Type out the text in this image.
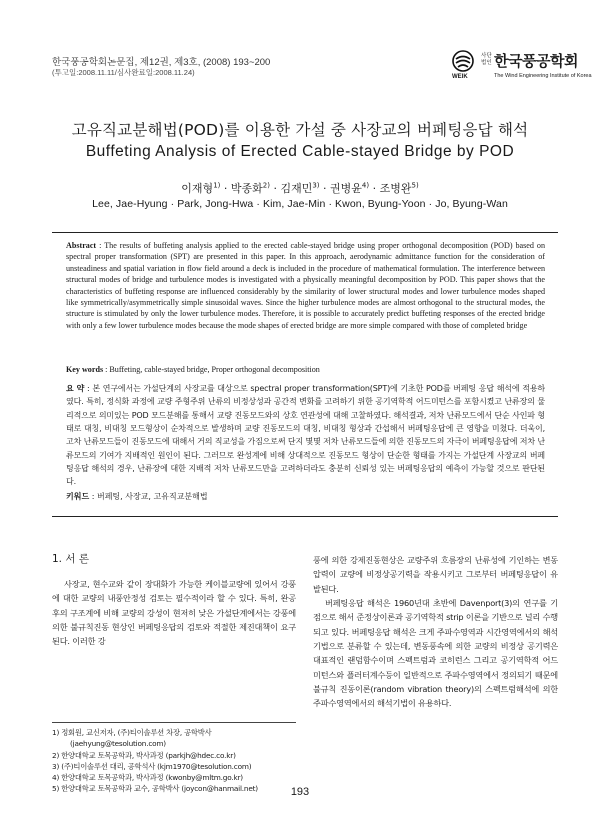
한국풍공학회논문집, 제12권, 제3호, (2008) 193~200
(투고일:2008.11.11/심사완료일:2008.11.24)	WEIK
사단 법인 한국풍공학회
The Wind Engineering Institute of Korea
고유직교분해법(POD)를 이용한 가설 중 사장교의 버페팅응답 해석
Buffeting Analysis of Erected Cable-stayed Bridge by POD
이재형$^{1)}$ · 박종화$^{2)}$ · 김재민$^{3)}$ · 권병윤$^{4)}$ · 조병완$^{5)}$
Lee, Jae-Hyung · Park, Jong-Hwa · Kim, Jae-Min · Kwon, Byung-Yoon · Jo, Byung-Wan
Abstract : The results of buffeting analysis applied to the erected cable-stayed bridge using proper orthogonal decomposition (POD) based on spectral proper transformation (SPT) are presented in this paper. In this approach, aerodynamic admittance function for the consideration of unsteadiness and spatial variation in flow field around a deck is included in the procedure of mathematical formulation. The interference between structural modes of bridge and turbulence modes is investigated with a physically meaningful decomposition by POD. This paper shows that the characteristics of buffeting response are influenced considerably by the similarity of lower structural modes and lower turbulence modes shaped like symmetrically/asymmetrically simple sinusoidal waves. Since the higher turbulence modes are almost orthogonal to the structural modes, the structure is stimulated by only the lower turbulence modes. Therefore, it is possible to accurately predict buffeting responses of the erected bridge with only a few lower turbulence modes because the mode shapes of erected bridge are more simple compared with those of completed bridge
Key words : Buffeting, cable-stayed bridge, Proper orthogonal decomposition
요 약 : 본 연구에서는 가설단계의 사장교를 대상으로 spectral proper transformation(SPT)에 기초한 POD를 버페팅 응답 해석에 적용하였다. 특히, 정식화 과정에 교량 주형주위 난류의 비정상성과 공간적 변화를 고려하기 위한 공기역학적 어드미턴스를 포함시켰고 난류장의 물리적으로 의미있는 POD 모드분해를 통해서 교량 진동모드와의 상호 연관성에 대해 고찰하였다. 해석결과, 저차 난류모드에서 단순 사인파 형태로 대칭, 비대칭 모드형상이 순차적으로 발생하며 교량 진동모드의 대칭, 비대칭 형상과 간섭해서 버페팅응답에 큰 영향을 미쳤다. 더욱이, 고차 난류모드들이 진동모드에 대해서 거의 직교성을 가짐으로써 단지 몇몇 저차 난류모드들에 의한 진동모드의 자극이 버페팅응답에 저차 난류모드의 기여가 지배적인 원인이 된다. 그러므로 완성계에 비해 상대적으로 진동모드 형상이 단순한 형태를 가지는 가설단계 사장교의 버페팅응답 해석의 경우, 난류장에 대한 지배적 저차 난류모드만을 고려하더라도 충분히 신뢰성 있는 버페팅응답의 예측이 가능할 것으로 판단된다.
키워드 : 버페팅, 사장교, 고유직교분해법
1. 서 론

사장교, 현수교와 같이 장대화가 가능한 케이블교량에 있어서 강풍에 대한 교량의 내풍안정성 검토는 필수적이라 할 수 있다. 특히, 완공후의 구조계에 비해 교량의 강성이 현저히 낮은 가설단계에서는 강풍에 의한 불규칙진동 현상인 버페팅응답의 검토와 적절한 제진대책이 요구된다. 이러한 강

풍에 의한 강제진동현상은 교량주위 흐름장의 난류성에 기인하는 변동압력이 교량에 비정상공기력을 작용시키고 그로부터 버페팅응답이 유발된다.

버페팅응답 해석은 1960년대 초반에 Davenport(3)의 연구를 기점으로 해서 준정상이론과 공기역학적 strip 이론을 기반으로 널리 수행되고 있다. 버페팅응답 해석은 크게 주파수영역과 시간영역에서의 해석기법으로 분류할 수 있는데, 변동풍속에 의한 교량의 비정상 공기력은 대표적인 랜덤함수이며 스펙트럼과 코히런스 그리고 공기역학적 어드미턴스와 플러터계수등이 일반적으로 주파수영역에서 정의되기 때문에 불규칙 진동이론(random vibration theory)의 스펙트럼해석에 의한 주파수영역에서의 해석기법이 유용하다.

1) 정회원, 교신저자, (주)티이솔루션 차장, 공학박사
(jaehyung@tesolution.com)
2) 한양대학교 토목공학과, 박사과정 (parkjh@hdec.co.kr)
3) (주)티이솔루션 대리, 공학석사 (kjm1970@tesolution.com)
4) 한양대학교 토목공학과, 박사과정 (kwonby@mltm.go.kr)
5) 한양대학교 토목공학과 교수, 공학박사 (joycon@hanmail.net)	193
